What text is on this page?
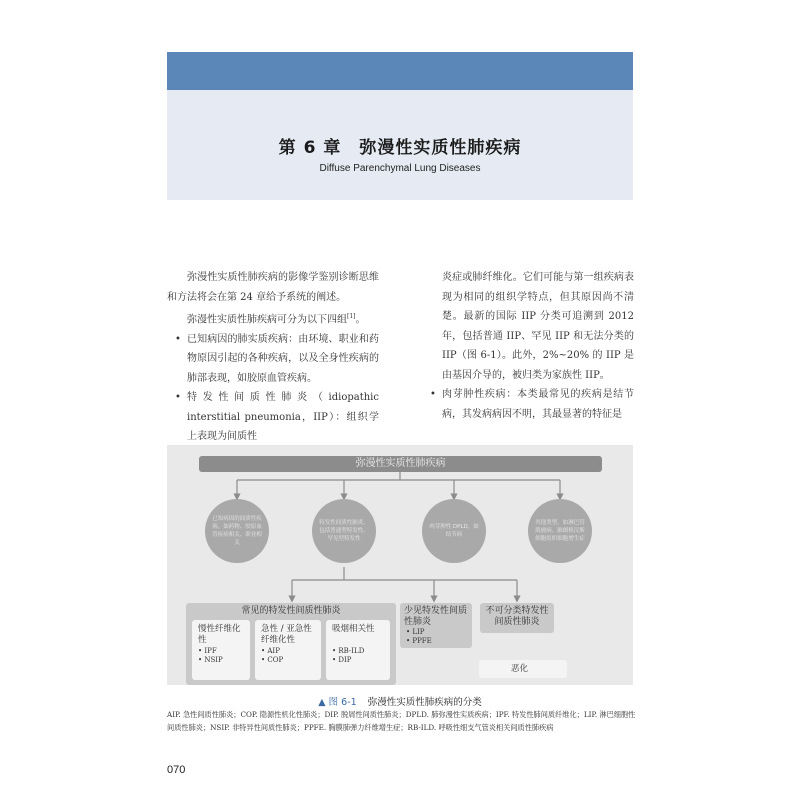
第 6 章　弥漫性实质性肺疾病
Diffuse Parenchymal Lung Diseases

弥漫性实质性肺疾病的影像学鉴别诊断思维和方法将会在第 24 章给予系统的阐述。

弥漫性实质性肺疾病可分为以下四组[1]。

• 已知病因的肺实质疾病：由环境、职业和药物原因引起的各种疾病，以及全身性疾病的肺部表现，如胶原血管疾病。

• 特发性间质性肺炎（idiopathic interstitial pneumonia，IIP）：组织学上表现为间质性

炎症或肺纤维化。它们可能与第一组疾病表现为相同的组织学特点，但其原因尚不清楚。最新的国际 IIP 分类可追溯到 2012 年，包括普通 IIP、罕见 IIP 和无法分类的 IIP（图 6-1）。此外，2%~20% 的 IIP 是由基因介导的，被归类为家族性 IIP。

• 肉芽肿性疾病：本类最常见的疾病是结节病，其发病病因不明，其最显著的特征是

弥漫性实质性肺疾病
已知病因的间质性疾病，如药物、胶原血管疾病相关、职业相关
特发性间质性肺炎，包括普通型特发性、罕见型特发性
肉芽肿性 DPLD，如结节病
其他类型，如淋巴管肌瘤病、肺朗格汉斯细胞组织细胞增生症
常见的特发性间质性肺炎
慢性纤维化性
• IPF
• NSIP
急性 / 亚急性纤维化性
• AIP
• COP
吸烟相关性
• RB-ILD
• DIP
少见特发性间质性肺炎
• LIP
• PPFE
不可分类特发性间质性肺炎
恶化
▲ 图 6-1 弥漫性实质性肺疾病的分类

AIP. 急性间质性肺炎；COP. 隐源性机化性肺炎；DIP. 脱屑性间质性肺炎；DPLD. 肺弥漫性实质疾病；IPF. 特发性肺间质纤维化；LIP. 淋巴细胞性间质性肺炎；NSIP. 非特异性间质性肺炎；PPFE. 胸膜肺弹力纤维增生症；RB-ILD. 呼吸性细支气管炎相关间质性肺疾病

070
